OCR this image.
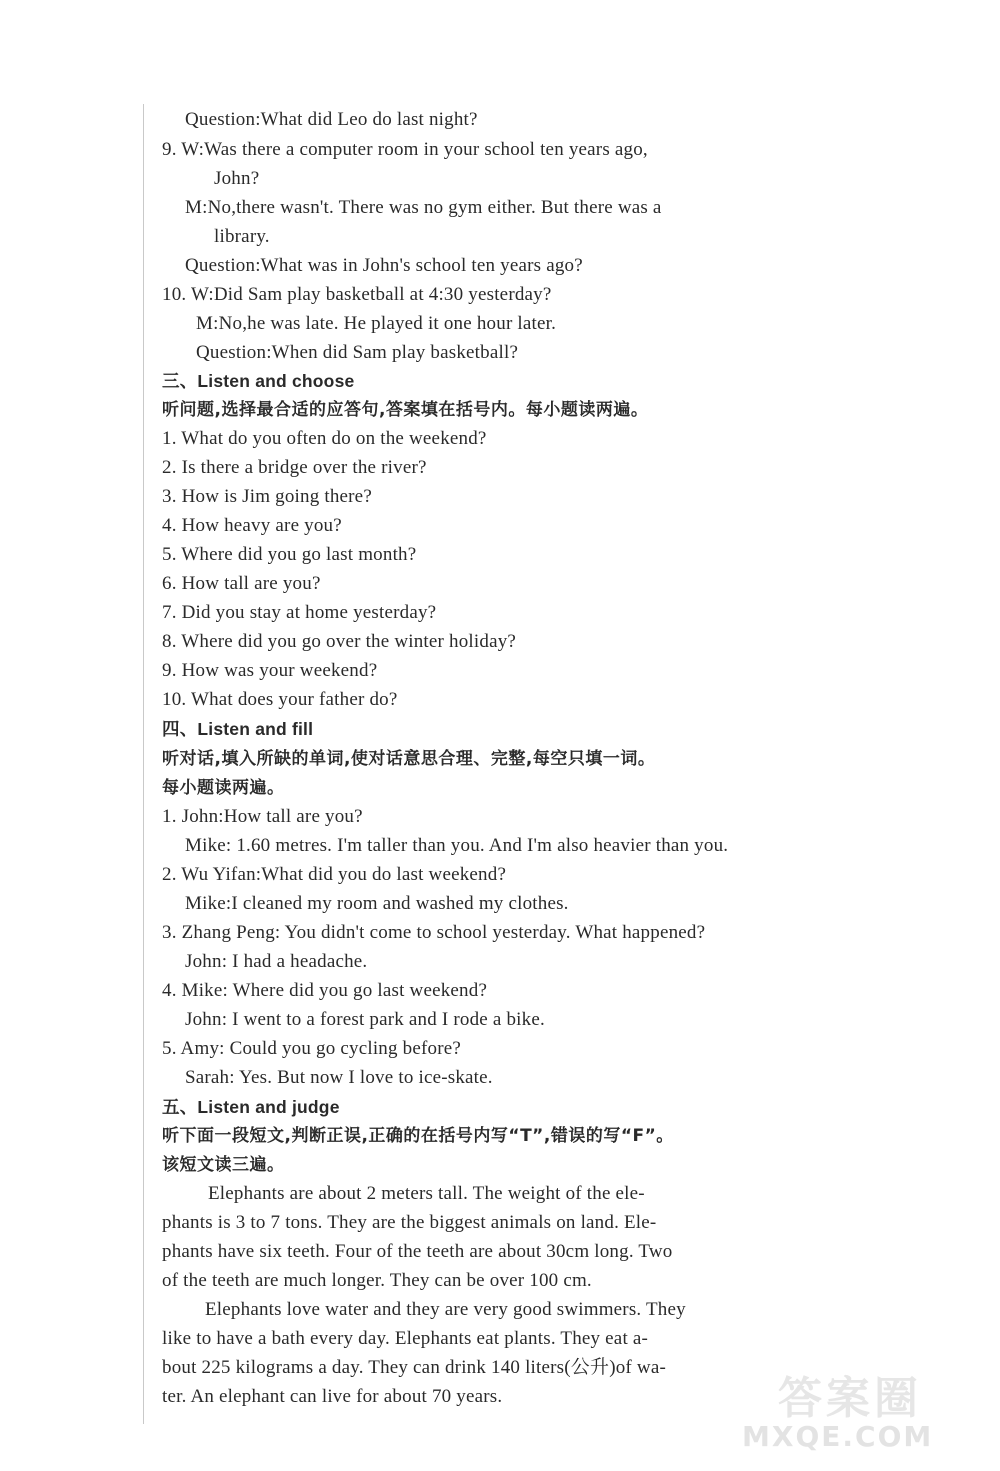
Question:What did Leo do last night?
9. W:Was there a computer room in your school ten years ago,
John?
M:No,there wasn't. There was no gym either. But there was a
library.
Question:What was in John's school ten years ago?
10. W:Did Sam play basketball at 4:30 yesterday?
M:No,he was late. He played it one hour later.
Question:When did Sam play basketball?
三、Listen and choose
听问题,选择最合适的应答句,答案填在括号内。每小题读两遍。
1. What do you often do on the weekend?
2. Is there a bridge over the river?
3. How is Jim going there?
4. How heavy are you?
5. Where did you go last month?
6. How tall are you?
7. Did you stay at home yesterday?
8. Where did you go over the winter holiday?
9. How was your weekend?
10. What does your father do?
四、Listen and fill
听对话,填入所缺的单词,使对话意思合理、完整,每空只填一词。
每小题读两遍。
1. John:How tall are you?
Mike: 1.60 metres. I'm taller than you. And I'm also heavier than you.
2. Wu Yifan:What did you do last weekend?
Mike:I cleaned my room and washed my clothes.
3. Zhang Peng: You didn't come to school yesterday. What happened?
John: I had a headache.
4. Mike: Where did you go last weekend?
John: I went to a forest park and I rode a bike.
5. Amy: Could you go cycling before?
Sarah: Yes. But now I love to ice-skate.
五、Listen and judge
听下面一段短文,判断正误,正确的在括号内写“T”,错误的写“F”。
该短文读三遍。
Elephants are about 2 meters tall. The weight of the ele-
phants is 3 to 7 tons. They are the biggest animals on land. Ele-
phants have six teeth. Four of the teeth are about 30cm long. Two
of the teeth are much longer. They can be over 100 cm.
Elephants love water and they are very good swimmers. They
like to have a bath every day. Elephants eat plants. They eat a-
bout 225 kilograms a day. They can drink 140 liters(公升)of wa-
ter. An elephant can live for about 70 years.	答案圈
MXQE.COM
